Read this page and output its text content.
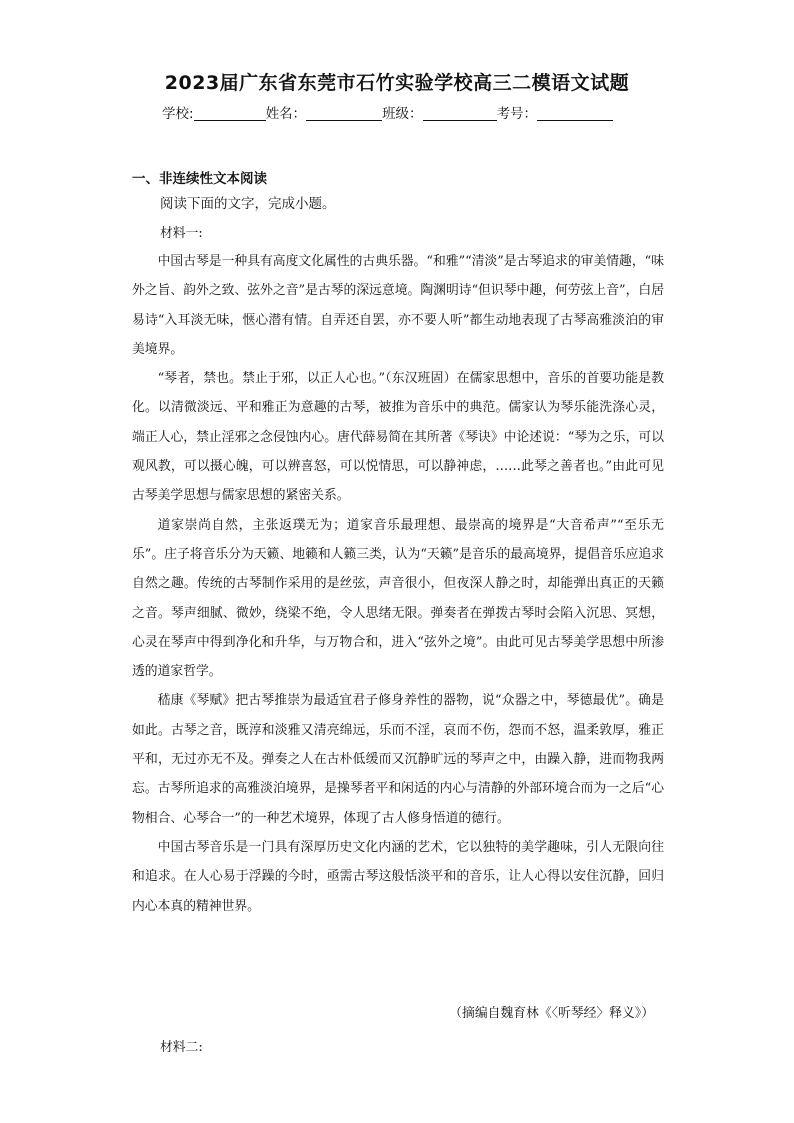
2023届广东省东莞市石竹实验学校高三二模语文试题
学校:	姓名：	班级：	考号：
一、非连续性文本阅读
阅读下面的文字，完成小题。
材料一:

中国古琴是一种具有高度文化属性的古典乐器。“和雅”“清淡”是古琴追求的审美情趣，“味外之旨、韵外之致、弦外之音”是古琴的深远意境。陶渊明诗“但识琴中趣，何劳弦上音”，白居易诗“入耳淡无味，惬心潜有情。自弄还自罢，亦不要人听”都生动地表现了古琴高雅淡泊的审美境界。

“琴者，禁也。禁止于邪，以正人心也。”（东汉班固）在儒家思想中，音乐的首要功能是教化。以清微淡远、平和雅正为意趣的古琴，被推为音乐中的典范。儒家认为琴乐能洗涤心灵，端正人心，禁止淫邪之念侵蚀内心。唐代薛易简在其所著《琴诀》中论述说：“琴为之乐，可以观风教，可以摄心魄，可以辨喜怒，可以悦情思，可以静神虑，……此琴之善者也。”由此可见古琴美学思想与儒家思想的紧密关系。

道家崇尚自然，主张返璞无为；道家音乐最理想、最崇高的境界是“大音希声”“至乐无乐”。庄子将音乐分为天籁、地籁和人籁三类，认为“天籁”是音乐的最高境界，提倡音乐应追求自然之趣。传统的古琴制作采用的是丝弦，声音很小，但夜深人静之时，却能弹出真正的天籁之音。琴声细腻、微妙，绕梁不绝，令人思绪无限。弹奏者在弹拨古琴时会陷入沉思、冥想，心灵在琴声中得到净化和升华，与万物合和，进入“弦外之境”。由此可见古琴美学思想中所渗透的道家哲学。

嵇康《琴赋》把古琴推崇为最适宜君子修身养性的器物，说“众器之中，琴德最优”。确是如此。古琴之音，既淳和淡雅又清亮绵远，乐而不淫，哀而不伤，怨而不怒，温柔敦厚，雅正平和，无过亦无不及。弹奏之人在古朴低缓而又沉静旷远的琴声之中，由躁入静，进而物我两忘。古琴所追求的高雅淡泊境界，是操琴者平和闲适的内心与清静的外部环境合而为一之后“心物相合、心琴合一”的一种艺术境界，体现了古人修身悟道的德行。

中国古琴音乐是一门具有深厚历史文化内涵的艺术，它以独特的美学趣味，引人无限向往和追求。在人心易于浮躁的今时，亟需古琴这般恬淡平和的音乐，让人心得以安住沉静，回归内心本真的精神世界。

（摘编自魏育林《〈听琴经〉释义》）
材料二:
